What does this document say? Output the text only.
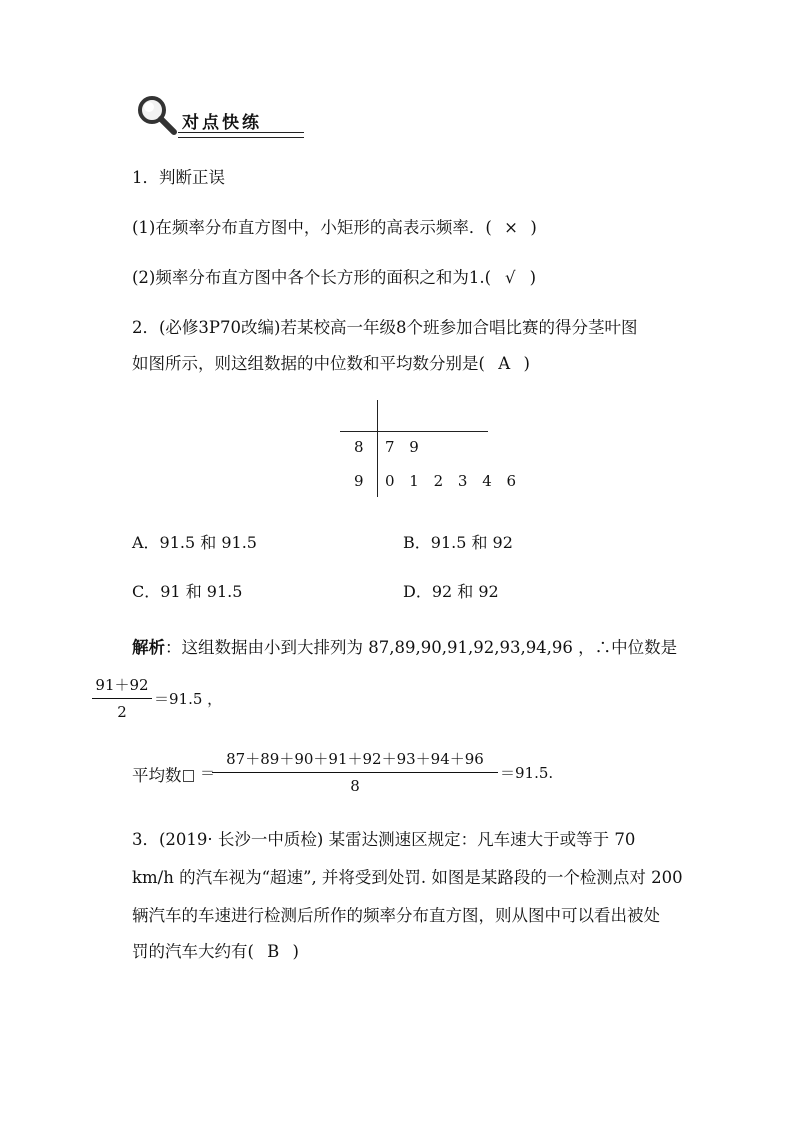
对点快练
1．判断正误
(1)在频率分布直方图中，小矩形的高表示频率．( × )
(2)频率分布直方图中各个长方形的面积之和为1.( √ )
2．(必修3P70改编)若某校高一年级8个班参加合唱比赛的得分茎叶图
如图所示，则这组数据的中位数和平均数分别是( A )
8 7 9
9 0 1 2 3 4 6
A．91.5 和 91.5	B．91.5 和 92
C．91 和 91.5	D．92 和 92
解析：这组数据由小到大排列为 87,89,90,91,92,93,94,96 ，∴中位数是
91＋92
2
＝91.5 ，
平均数
87＋89＋90＋91＋92＋93＋94＋96
8
＝	＝91.5.
3．(2019· 长沙一中质检) 某雷达测速区规定：凡车速大于或等于 70
km/h 的汽车视为“超速”, 并将受到处罚. 如图是某路段的一个检测点对 200
辆汽车的车速进行检测后所作的频率分布直方图，则从图中可以看出被处
罚的汽车大约有( B )
